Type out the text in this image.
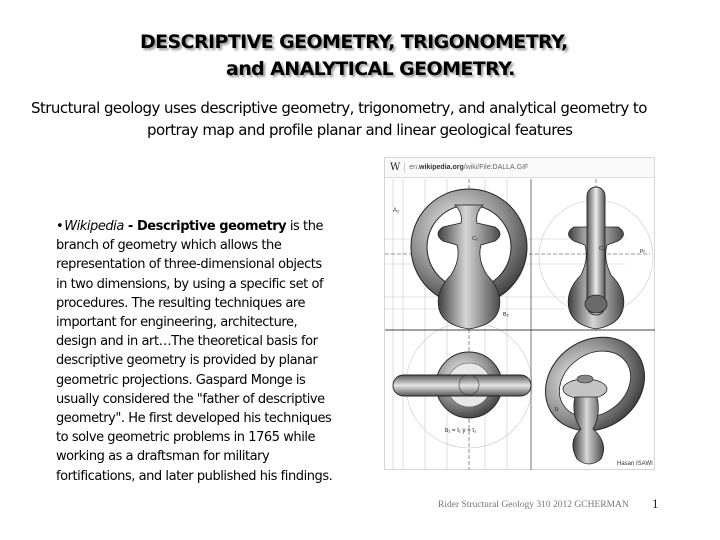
DESCRIPTIVE GEOMETRY, TRIGONOMETRY,
and ANALYTICAL GEOMETRY.
Structural geology uses descriptive geometry, trigonometry, and analytical geometry to
portray map and profile planar and linear geological features
•Wikipedia - Descriptive geometry is the
branch of geometry which allows the
representation of three-dimensional objects
in two dimensions, by using a specific set of
procedures. The resulting techniques are
important for engineering, architecture,
design and in art…The theoretical basis for
descriptive geometry is provided by planar
geometric projections. Gaspard Monge is
usually considered the "father of descriptive
geometry". He first developed his techniques
to solve geometric problems in 1765 while
working as a draftsman for military
fortifications, and later published his findings.
W en.wikipedia.org/wiki/File:DALLA.GIF
A₂
C₂
B₂
p₂
C₃
b₁ = t₁ y = t₁
b
Hasan ISAWI
Rider Structural Geology 310 2012 GCHERMAN 1
